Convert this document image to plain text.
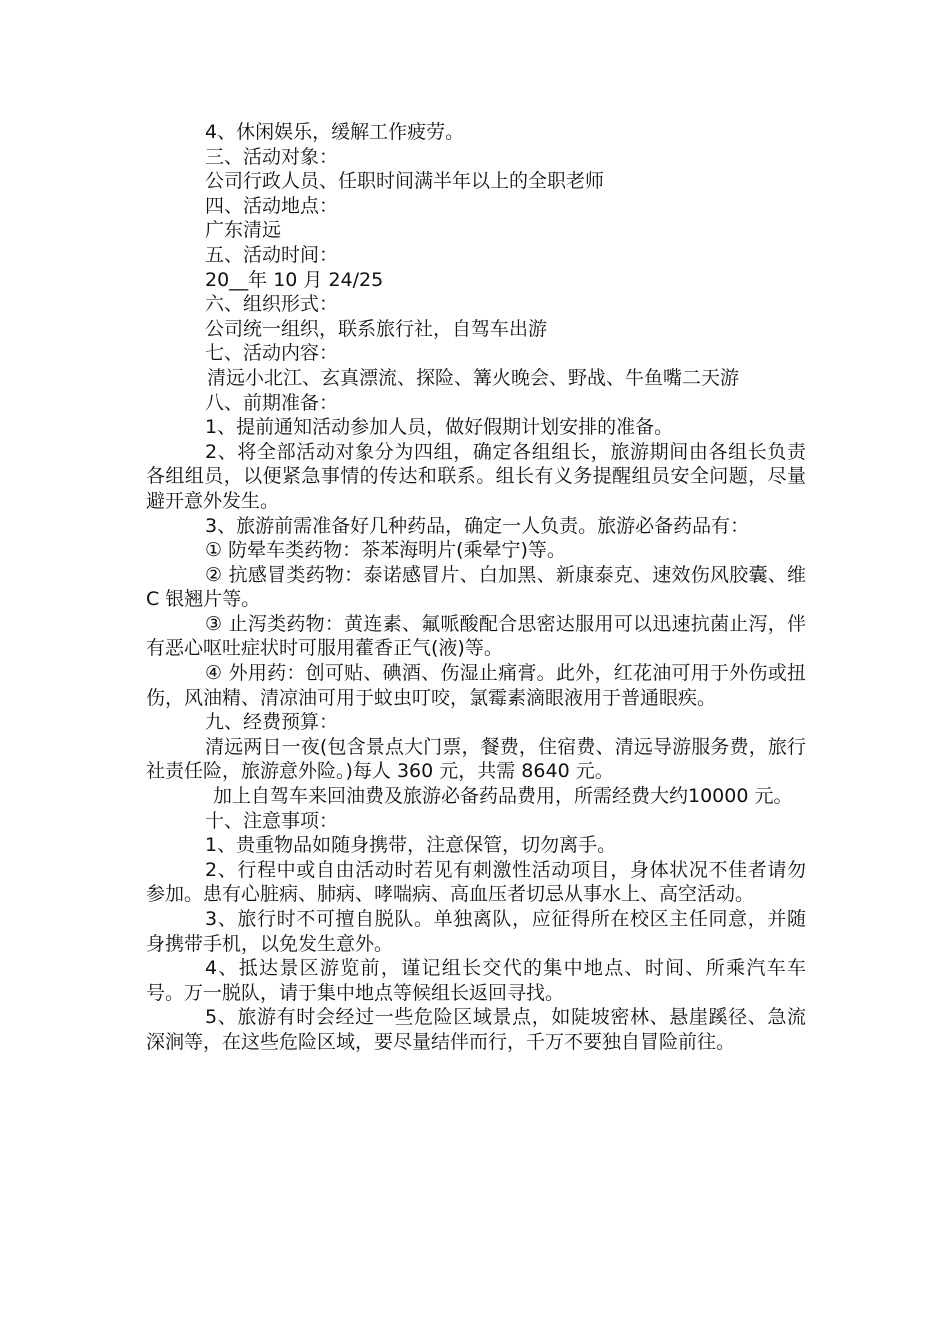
4、休闲娱乐，缓解工作疲劳。

三、活动对象：

公司行政人员、任职时间满半年以上的全职老师

四、活动地点：

广东清远

五、活动时间：

20__年 10 月 24/25

六、组织形式：

公司统一组织，联系旅行社，自驾车出游

七、活动内容：

清远小北江、玄真漂流、探险、篝火晚会、野战、牛鱼嘴二天游

八、前期准备：

1、提前通知活动参加人员，做好假期计划安排的准备。

2、将全部活动对象分为四组，确定各组组长，旅游期间由各组长负责各组组员，以便紧急事情的传达和联系。组长有义务提醒组员安全问题，尽量避开意外发生。

3、旅游前需准备好几种药品，确定一人负责。旅游必备药品有：

① 防晕车类药物：茶苯海明片(乘晕宁)等。

② 抗感冒类药物：泰诺感冒片、白加黑、新康泰克、速效伤风胶囊、维 C 银翘片等。

③ 止泻类药物：黄连素、氟哌酸配合思密达服用可以迅速抗菌止泻，伴有恶心呕吐症状时可服用藿香正气(液)等。

④ 外用药：创可贴、碘酒、伤湿止痛膏。此外，红花油可用于外伤或扭伤，风油精、清凉油可用于蚊虫叮咬，氯霉素滴眼液用于普通眼疾。

九、经费预算：

清远两日一夜(包含景点大门票，餐费，住宿费、清远导游服务费，旅行社责任险，旅游意外险。)每人 360 元，共需 8640 元。

加上自驾车来回油费及旅游必备药品费用，所需经费大约10000 元。

十、注意事项：

1、贵重物品如随身携带，注意保管，切勿离手。

2、行程中或自由活动时若见有刺激性活动项目，身体状况不佳者请勿参加。患有心脏病、肺病、哮喘病、高血压者切忌从事水上、高空活动。

3、旅行时不可擅自脱队。单独离队，应征得所在校区主任同意，并随身携带手机，以免发生意外。

4、抵达景区游览前，谨记组长交代的集中地点、时间、所乘汽车车号。万一脱队，请于集中地点等候组长返回寻找。

5、旅游有时会经过一些危险区域景点，如陡坡密林、悬崖蹊径、急流深涧等，在这些危险区域，要尽量结伴而行，千万不要独自冒险前往。
